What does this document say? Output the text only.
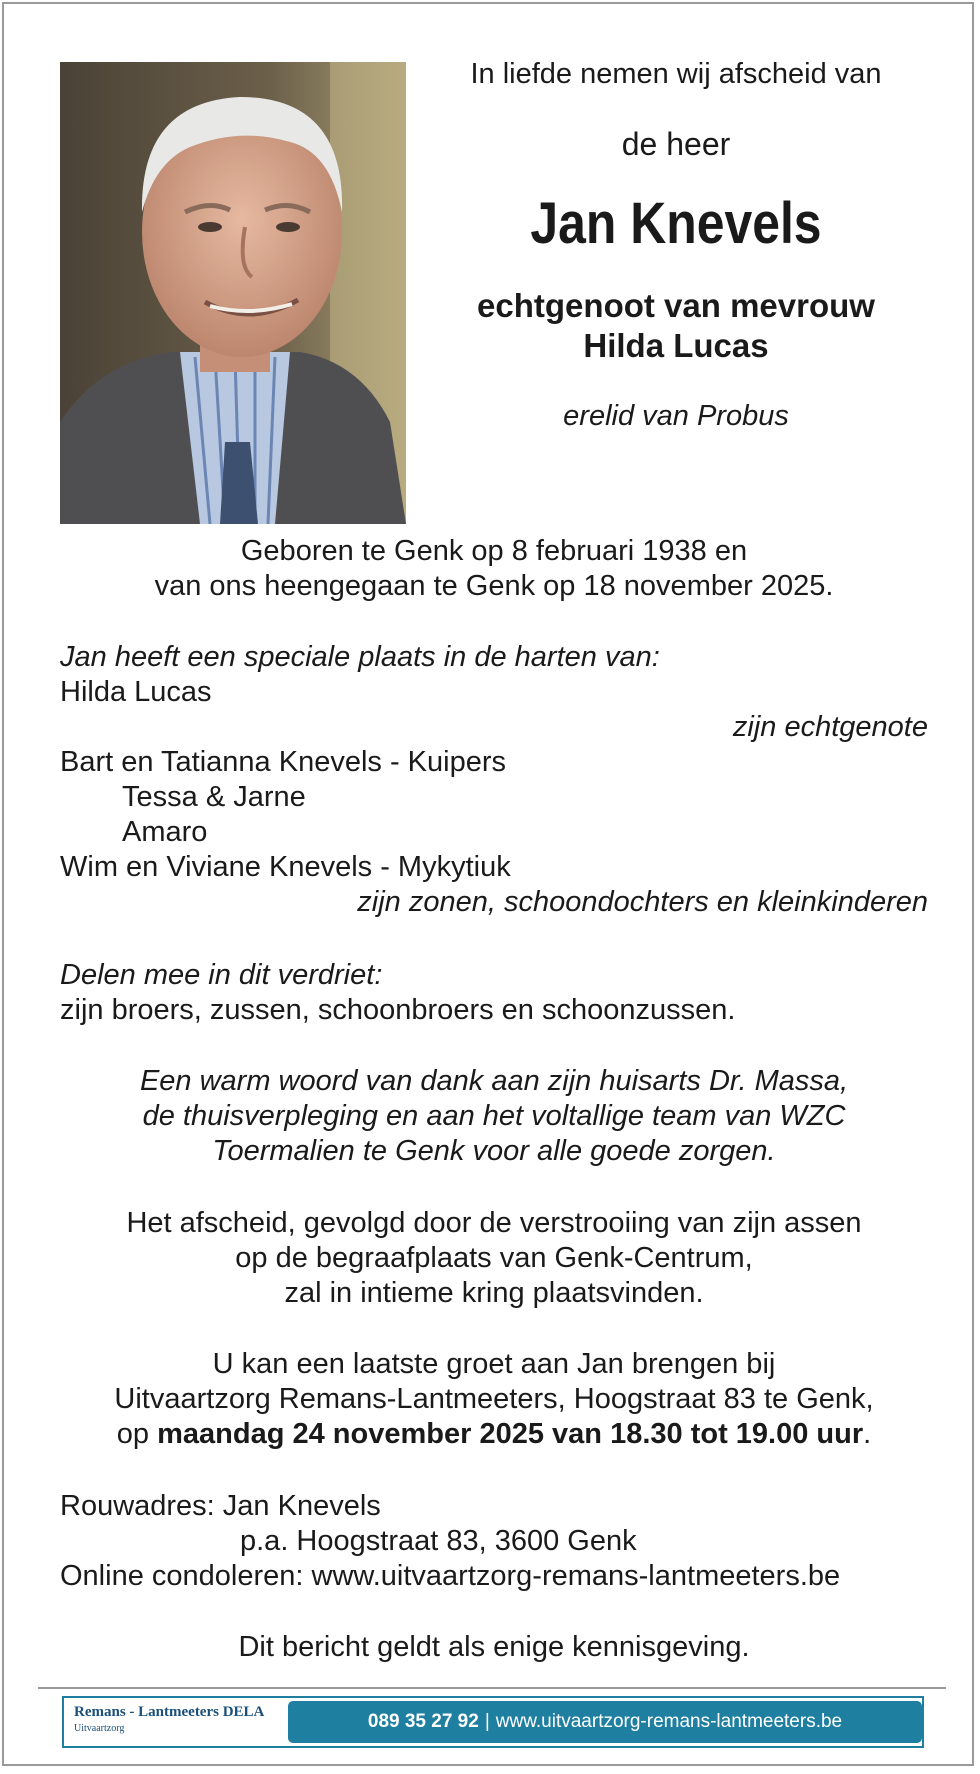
In liefde nemen wij afscheid van
de heer
Jan Knevels
echtgenoot van mevrouw
Hilda Lucas
erelid van Probus
Geboren te Genk op 8 februari 1938 en
van ons heengegaan te Genk op 18 november 2025.
Jan heeft een speciale plaats in de harten van:
Hilda Lucas
zijn echtgenote
Bart en Tatianna Knevels - Kuipers
Tessa & Jarne
Amaro
Wim en Viviane Knevels - Mykytiuk
zijn zonen, schoondochters en kleinkinderen
Delen mee in dit verdriet:
zijn broers, zussen, schoonbroers en schoonzussen.
Een warm woord van dank aan zijn huisarts Dr. Massa,
de thuisverpleging en aan het voltallige team van WZC
Toermalien te Genk voor alle goede zorgen.
Het afscheid, gevolgd door de verstrooiing van zijn assen
op de begraafplaats van Genk-Centrum,
zal in intieme kring plaatsvinden.
U kan een laatste groet aan Jan brengen bij
Uitvaartzorg Remans-Lantmeeters, Hoogstraat 83 te Genk,
op maandag 24 november 2025 van 18.30 tot 19.00 uur.
Rouwadres: Jan Knevels
p.a. Hoogstraat 83, 3600 Genk
Online condoleren: www.uitvaartzorg-remans-lantmeeters.be
Dit bericht geldt als enige kennisgeving.
Remans - Lantmeeters DELA
Uitvaartzorg	089 35 27 92 | www.uitvaartzorg-remans-lantmeeters.be
